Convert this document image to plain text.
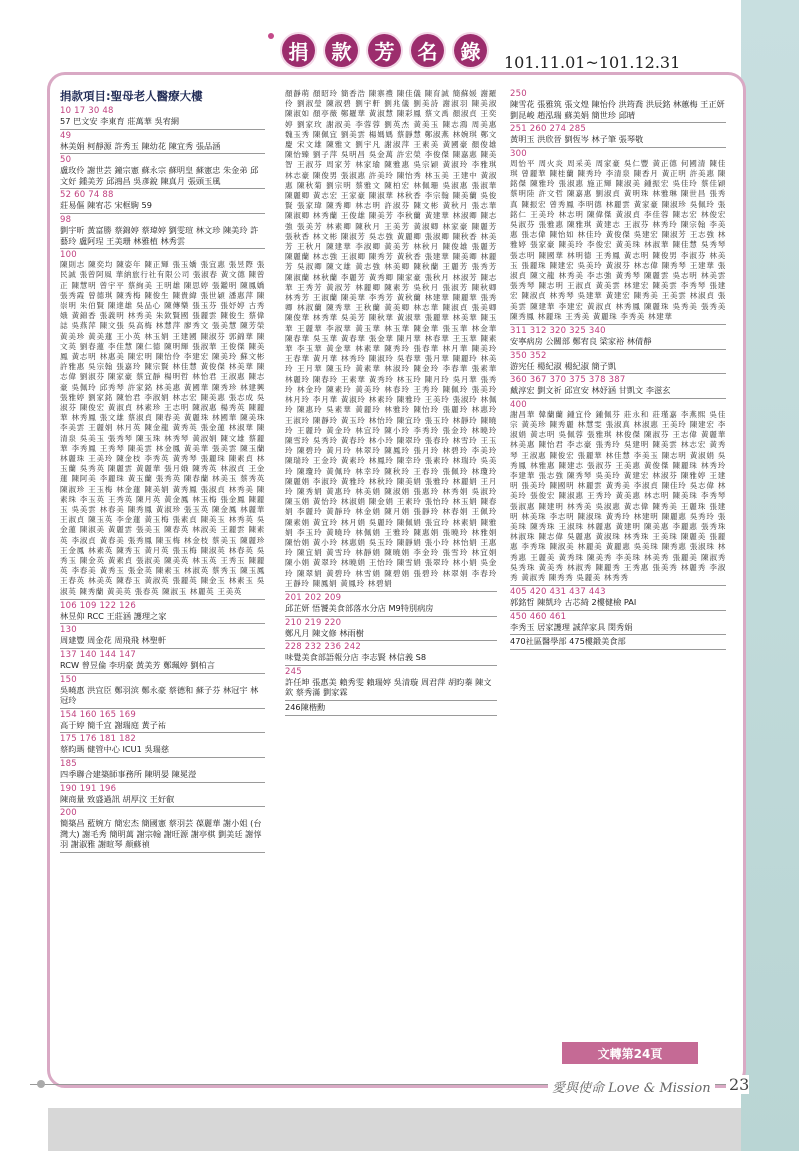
捐	款	芳	名	錄	101.11.01~101.12.31
捐款項目:聖母老人醫療大樓
10 17 30 48
57 巴文安 李東育 莊萬華 吳宥網
49
林美娟 柯靜源 許秀玉 陳幼花 陳宜秀 張品涵
50
盧玫伶 謝世芸 鐘宗憲 蘇永宗 蘇明皇 蘇憲忠 朱金弟 邱文好 鍾美芳 邱鴻昌 吳彥銳 陳真月 張頭玉風
52 60 74 88
莊易傴 陳宥芯 宋框駒 59
98
劉宇昕 黃富勝 蔡錦婷 蔡瑋婷 劉雯瑄 林文珍 陳美玲 許藝玲 盧阿珵 王美珊 林雅植 林秀雲
100
陳則志 陳奕均 陳姿年 陳正輝 張玉嬌 張宜惠 張昱際 張民誠 張曾阿風 華納旅行社有限公司 張淑春 黃文德 陳曾正 陳慧明 曾宇平 蔡絢美 王明雄 陳思婷 張鑑明 陳鳳嬌 張秀霞 曾德琪 陳秀梅 陳俊生 陳貴緯 張世穎 潘惠萍 陳崇明 朱伯賢 陳達雄 吳品心 陳傳樂 張玉芬 張妤婷 古秀娥 黃錦香 張義明 林秀美 朱欽賢國 張麗雲 陳俊生 蔡偉誌 吳燕萍 陳文張 吳高梅 林慧萍 廖秀文 張美慧 陳芳榮 黃美珍 黃美蓮 王小英 林玉娟 王建國 陳淑芬 郭錦華 陳文英 劉春蓮 李佳慧 陳仁德 陳明輝 張淑華 王俊傑 陳美鳳 黃志明 林惠美 陳宏明 陳怡伶 李建宏 陳美玲 蘇文彬 許雅惠 吳宗翰 張嘉玲 陳宗賢 林佳慧 黃俊傑 林美華 陳志偉 劉淑芬 陳家豪 蔡宜靜 楊明哲 林怡君 王淑惠 陳志豪 吳佩玲 邱秀琴 許家銘 林美惠 黃國華 陳秀珍 林建興 張雅婷 劉家銘 陳怡君 李淑娟 林志宏 陳美惠 張志成 吳淑芬 陳俊宏 黃淑貞 林素珍 王志明 陳淑惠 楊秀英 陳麗華 林秀鳳 張文雄 蔡淑貞 陳春美 黃麗珠 林國華 陳美珠 李美雲 王麗娟 林月英 陳金龍 黃秀英 張金蓮 林淑華 陳清泉 吳美玉 張秀琴 陳玉珠 林秀琴 黃淑娟 陳文雄 蔡麗華 李秀鳳 王秀琴 陳美雲 林金鳳 黃美華 張美雲 陳玉蘭 林麗珠 王美玲 陳金枝 李秀英 黃秀琴 張麗珠 陳素貞 林玉蘭 吳秀英 陳麗雲 黃麗華 張月娥 陳秀英 林淑貞 王金蓮 陳阿美 李麗珠 黃玉蘭 張秀英 陳春蘭 林美玉 蔡秀英 陳淑珍 王玉梅 林金蓮 陳美娟 黃秀鳳 張淑貞 林秀美 陳素珠 李玉英 王秀英 陳月英 黃金鳳 林玉梅 張金鳳 陳麗玉 吳美雲 林春美 陳秀鳳 黃淑珍 張玉英 陳金鳳 林麗華 王淑貞 陳玉英 李金蓮 黃玉梅 張素貞 陳美玉 林秀英 吳金蓮 陳淑美 黃麗雲 張美玉 陳春英 林淑美 王麗雲 陳素英 李淑貞 黃春美 張秀鳳 陳玉梅 林金枝 蔡美玉 陳麗珍 王金鳳 林素英 陳秀玉 黃月英 張玉梅 陳淑英 林春英 吳秀玉 陳金英 黃素貞 張淑美 陳美英 林玉英 王秀玉 陳麗英 李春美 黃秀玉 張金英 陳素玉 林淑英 蔡秀玉 陳玉鳳 王春英 林美英 陳春玉 黃淑英 張麗英 陳金玉 林素玉 吳淑英 陳秀蘭 黃美英 張春英 陳淑玉 林麗英 王美英
106 109 122 126
林昱仰 RCC 王莊涵 護理之家
130
周建豐 周金花 周飛飛 林聖軒
137 140 144 147
RCW 曾昱倫 李玥豪 黃美芳 鄭珮婷 劉柏言
150
吳曉惠 洪宜臣 鄭羽滨 鄭永豪 蔡德和 蘇子芬 林冠宇 林冠玲
154 160 165 169
高于婷 簡千宜 謝瑞庭 黃子祐
175 176 181 182
蔡昀瑪 健管中心 ICU1 吳瑞慈
185
四季聯合建築師事務所 陳明晏 陳冕瀅
190 191 196
陳商量 致盛過訊 胡厚汶 王好叡
200
簡築昌 藍婉方 簡宏杰 簡國憲 蔡羽芸 葆麗華 謝小姐 (台灣大) 謝毛秀 簡明萬 謝宗翰 謝旺源 謝亭棋 劉美廷 謝惇羽 謝淑雅 謝暄琴 顏蘇禎
顏靜萌 顏昭玲 簡香浩 陳寨禮 陳佳儀 陳育誠 簡蘇媛 謝羅伶 劉淑瑩 陳淑碧 劉宇軒 劉兆儀 劉美詩 謝淑羽 陳美淑 陳淑如 顏亭薇 鄭羅華 黃淑慧 陳彩鳳 蔡文禹 顏淑貞 王奕婷 劉家玫 謝淑美 李蓉蓉 劉英杰 黃美玉 陳志鴻 周美惠 魏玉秀 陳佩宜 劉美雲 楊媽媽 蔡靜慧 鄭淑燕 林婉琪 鄭文慶 宋文雄 陳雅文 劉宇凡 謝淑萍 王素美 黃國豪 顏俊雄 陳怡臻 劉子萍 吳明昌 吳金萬 許宏榮 李俊傑 陳嘉惠 陳美智 王淑芬 周家芳 林家瑜 陳雅惠 吳宗穎 黃淑玲 李雅琪 林志豪 陳俊男 張淑惠 許美玲 陳怡秀 林玉美 王建中 黃淑惠 陳秋菊 劉宗明 蔡雅文 陳柏宏 林佩珊 吳淑惠 張淑華 陳麗卿 黃志宏 王家豪 陳淑華 林秋香 李宗翰 陳美蘭 吳俊賢 張家瑋 陳秀卿 林志明 許淑芬 陳文彬 黃秋月 張志華 陳淑卿 林秀蘭 王俊雄 陳美芳 李秋蘭 黃建華 林淑卿 陳志強 張美芳 林素卿 陳秋月 王美芳 黃淑卿 林家豪 陳麗芳 張秋香 林文彬 陳淑芳 吳志強 黃麗卿 張淑卿 陳秋香 林美芳 王秋月 陳建華 李淑卿 黃美芳 林秋月 陳俊雄 張麗芳 陳麗蘭 林志強 王淑卿 陳秀芳 黃秋香 張建華 陳美卿 林麗芳 吳淑卿 陳文雄 黃志強 林美卿 陳秋蘭 王麗芳 張秀芳 陳淑蘭 林秋蘭 李麗芳 黃秀卿 陳家豪 張秋月 林淑芳 陳志華 王秀芳 黃淑芳 林麗卿 陳素芳 吳秋月 張淑芳 陳秋卿 林秀芳 王淑蘭 陳美華 李秀芳 黃秋蘭 林建華 陳麗華 張秀卿 林淑蘭 陳秀華 王秋蘭 黃美卿 林志華 陳淑貞 張美卿 陳俊華 林秀華 吳美芳 陳秋華 黃淑華 張麗華 林美華 陳玉華 王麗華 李淑華 黃玉華 林玉華 陳金華 張玉華 林金華 陳春華 吳玉華 黃春華 張金華 陳月華 林春華 王玉華 陳素華 李玉華 黃金華 林素華 陳秀玲 張春華 林月華 陳美玲 王春華 黃月華 林秀玲 陳淑玲 吳春華 張月華 陳麗玲 林美玲 王月華 陳玉玲 黃素華 林淑玲 陳金玲 李春華 張素華 林麗玲 陳春玲 王素華 黃秀玲 林玉玲 陳月玲 吳月華 張秀玲 林金玲 陳素玲 黃美玲 林春玲 王秀玲 陳佩玲 張美玲 林月玲 李月華 黃淑玲 林素玲 陳雅玲 王美玲 張淑玲 林佩玲 陳惠玲 吳素華 黃麗玲 林雅玲 陳怡玲 張麗玲 林惠玲 王淑玲 陳靜玲 黃玉玲 林怡玲 陳宜玲 張玉玲 林靜玲 陳曉玲 王麗玲 黃金玲 林宜玲 陳小玲 李秀玲 張金玲 林曉玲 陳雪玲 吳秀玲 黃春玲 林小玲 陳翠玲 張春玲 林雪玲 王玉玲 陳碧玲 黃月玲 林翠玲 陳鳳玲 張月玲 林碧玲 李美玲 陳瑞玲 王金玲 黃素玲 林鳳玲 陳幸玲 張素玲 林瑞玲 吳美玲 陳瓊玲 黃佩玲 林幸玲 陳秋玲 王春玲 張佩玲 林瓊玲 陳麗娟 李淑玲 黃雅玲 林秋玲 陳美娟 張雅玲 林麗娟 王月玲 陳秀娟 黃惠玲 林美娟 陳淑娟 張惠玲 林秀娟 吳淑玲 陳玉娟 黃怡玲 林淑娟 陳金娟 王素玲 張怡玲 林玉娟 陳春娟 李麗玲 黃靜玲 林金娟 陳月娟 張靜玲 林春娟 王佩玲 陳素娟 黃宜玲 林月娟 吳麗玲 陳佩娟 張宜玲 林素娟 陳雅娟 李玉玲 黃曉玲 林佩娟 王雅玲 陳惠娟 張曉玲 林雅娟 陳怡娟 黃小玲 林惠娟 吳玉玲 陳靜娟 張小玲 林怡娟 王惠玲 陳宜娟 黃雪玲 林靜娟 陳曉娟 李金玲 張雪玲 林宜娟 陳小娟 黃翠玲 林曉娟 王怡玲 陳雪娟 張翠玲 林小娟 吳金玲 陳翠娟 黃碧玲 林雪娟 陳碧娟 張碧玲 林翠娟 李春玲 王靜玲 陳鳳娟 黃鳳玲 林碧娟
201 202 209
邱芷妍 悟饕美食部落水分店 M9特別病房
210 219 220
鄭凡月 陳文修 林雨樹
228 232 236 242
味覺美食部語報分店 李志賢 林信義 S8
245
許任坤 張惠美 賴秀雯 賴瑞婷 吳清璇 周君萍 胡昀蓁 陳文欽 蔡秀滿 劉家霖
246陳楷勳
250
陳雪花 張雅筑 張文煌 陳怡伶 洪筠喬 洪辰銘 林蕙梅 王正妍 劉昆峻 趙泓瑞 蘇美娟 簡世珍 邱晴
251 260 274 285
黃明玉 洪欣晉 劉恆岑 林子筆 張琴敬
300
周怡平 周火炎 周采美 周家豪 吳仁豐 黃正德 何國清 陳佳琪 曾麗華 陳桂蘭 陳秀玲 李清泉 陳香月 黃正明 許美惠 陳銘傑 陳雅玲 張淑惠 施正輝 陳淑美 鍾振宏 吳佳玲 蔡佳穎 蔡明陸 許文哲 陳嘉惠 劉淑貞 黃明珠 林雅琳 陳世昌 張秀真 陳振宏 曾秀鳳 李明德 林麗雲 黃家豪 陳淑珍 吳佩玲 張銘仁 王美玲 林志明 陳偉傑 黃淑貞 李佳蓉 陳志宏 林俊宏 吳淑芬 張雅惠 陳雅琪 黃建志 王淑芬 林秀玲 陳宗翰 李美惠 張志偉 陳怡如 林佳玲 黃俊傑 吳建宏 陳淑芳 王志強 林雅婷 張家豪 陳美玲 李俊宏 黃美珠 林淑華 陳佳慧 吳秀琴 張志明 陳國華 林明德 王秀鳳 黃志明 陳俊男 李淑芬 林美玉 張麗珠 陳建宏 吳美玲 黃淑芬 林志偉 陳秀琴 王建華 張淑貞 陳文龍 林秀美 李志強 黃秀琴 陳麗雲 吳志明 林美雲 張秀琴 陳志明 王淑貞 黃美雲 林建宏 陳美雲 李秀琴 張建宏 陳淑貞 林秀琴 吳建華 黃建宏 陳秀美 王美雲 林淑貞 張美雲 陳建華 李建宏 黃淑貞 林秀鳳 陳麗珠 吳秀美 張秀美 陳秀鳳 林麗珠 王秀美 黃麗珠 李秀美 林建華
311 312 320 325 340
安寧病房 公關部 鄭宥良 梁家裕 林倩靜
350 352
游宪任 楊紀淑 楊紀淑 簡子凱
360 367 370 375 378 387
戴淳宏 劉文祈 邱宣安 林妤涵 甘凱文 李滋玄
400
謝昌華 韓蘭蘭 鍾宜伶 鍾佩芬 莊永和 莊瑾嘉 李燕熙 吳佳宗 黃美珍 陳秀麗 林慧雯 張淑真 林淑惠 王美玲 陳建宏 李淑娟 黃志明 吳佩蓉 張雅琪 林俊傑 陳淑芬 王志偉 黃麗華 林美惠 陳怡君 李志豪 張秀玲 吳建明 陳美雲 林志宏 黃秀琴 王淑惠 陳俊宏 張麗華 林佳慧 李美玉 陳志明 黃淑娟 吳秀鳳 林雅惠 陳建志 張淑芬 王美惠 黃俊傑 陳麗珠 林秀玲 李建華 張志強 陳秀琴 吳美玲 黃建宏 林淑芬 陳雅婷 王建明 張美玲 陳國明 林麗雲 黃秀美 李淑貞 陳佳玲 吳志偉 林美玲 張俊宏 陳淑惠 王秀玲 黃美惠 林志明 陳美珠 李秀琴 張淑惠 陳建明 林秀美 吳淑惠 黃志偉 陳秀美 王麗珠 張建明 林美珠 李志明 陳淑珠 黃秀玲 林建明 陳麗惠 吳秀玲 張美珠 陳秀珠 王淑珠 林麗惠 黃建明 陳美惠 李麗惠 張秀珠 林淑珠 陳志偉 吳麗惠 黃淑珠 林秀珠 王美珠 陳麗美 張麗惠 李秀珠 陳淑美 林麗美 黃麗惠 吳美珠 陳秀惠 張淑珠 林秀惠 王麗美 黃秀珠 陳美秀 李美珠 林美秀 張麗美 陳淑秀 吳秀珠 黃美秀 林淑秀 陳麗秀 王秀惠 張美秀 林麗秀 李淑秀 黃淑秀 陳秀秀 吳麗美 林秀秀
405 420 431 437 443
郭銘哲 陳凱玲 古芯綺 2樓健檢 PAI
450 460 461
李秀玉 居家護理 誠萍家具 閔秀娟
470社區醫學部 475樓鍛美食部
文轉第24頁
愛與使命 Love & Mission 23
